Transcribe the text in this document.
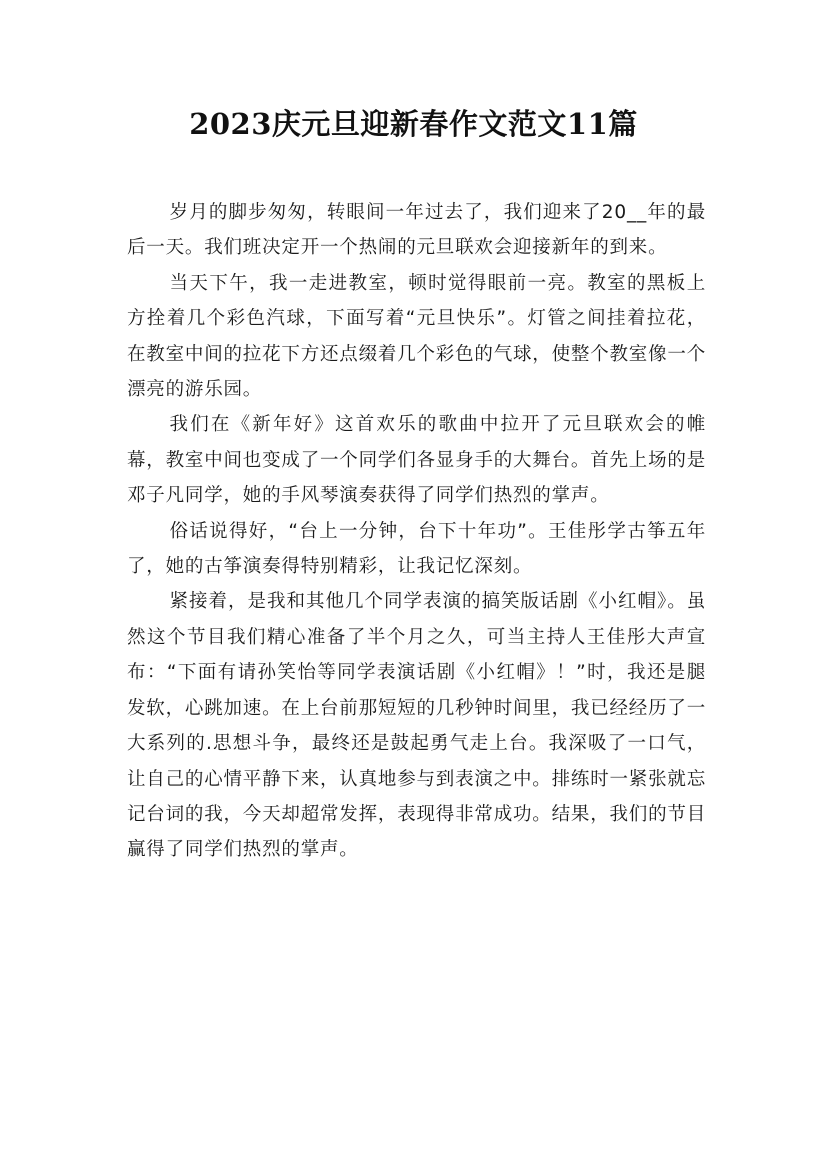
2023庆元旦迎新春作文范文11篇

岁月的脚步匆匆，转眼间一年过去了，我们迎来了20__年的最后一天。我们班决定开一个热闹的元旦联欢会迎接新年的到来。

当天下午，我一走进教室，顿时觉得眼前一亮。教室的黑板上方拴着几个彩色汽球，下面写着“元旦快乐”。灯管之间挂着拉花，在教室中间的拉花下方还点缀着几个彩色的气球，使整个教室像一个漂亮的游乐园。

我们在《新年好》这首欢乐的歌曲中拉开了元旦联欢会的帷幕，教室中间也变成了一个同学们各显身手的大舞台。首先上场的是邓子凡同学，她的手风琴演奏获得了同学们热烈的掌声。

俗话说得好，“台上一分钟，台下十年功”。王佳彤学古筝五年了，她的古筝演奏得特别精彩，让我记忆深刻。

紧接着，是我和其他几个同学表演的搞笑版话剧《小红帽》。虽然这个节目我们精心准备了半个月之久，可当主持人王佳彤大声宣布：“下面有请孙笑怡等同学表演话剧《小红帽》！”时，我还是腿发软，心跳加速。在上台前那短短的几秒钟时间里，我已经经历了一大系列的.思想斗争，最终还是鼓起勇气走上台。我深吸了一口气，让自己的心情平静下来，认真地参与到表演之中。排练时一紧张就忘记台词的我，今天却超常发挥，表现得非常成功。结果，我们的节目赢得了同学们热烈的掌声。
